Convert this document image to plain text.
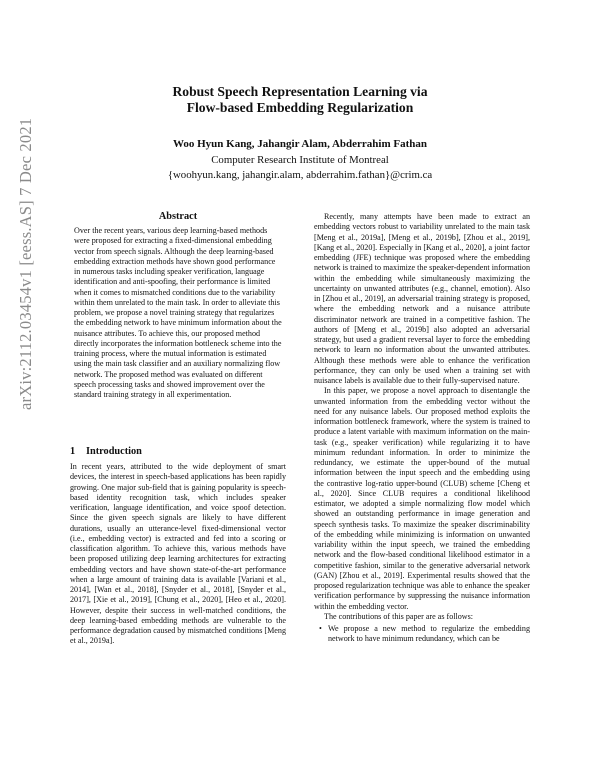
arXiv:2112.03454v1 [eess.AS] 7 Dec 2021
Robust Speech Representation Learning via
Flow-based Embedding Regularization
Woo Hyun Kang, Jahangir Alam, Abderrahim Fathan
Computer Research Institute of Montreal
{woohyun.kang, jahangir.alam, abderrahim.fathan}@crim.ca
Abstract

Over the recent years, various deep learning-based methods were proposed for extracting a fixed-dimensional embedding vector from speech signals. Although the deep learning-based embedding extraction methods have shown good performance in numerous tasks including speaker verification, language identification and anti-spoofing, their performance is limited when it comes to mismatched conditions due to the variability within them unrelated to the main task. In order to alleviate this problem, we propose a novel training strategy that regularizes the embedding network to have minimum information about the nuisance attributes. To achieve this, our proposed method directly incorporates the information bottleneck scheme into the training process, where the mutual information is estimated using the main task classifier and an auxiliary normalizing flow network. The proposed method was evaluated on different speech processing tasks and showed improvement over the standard training strategy in all experimentation.

1 Introduction

In recent years, attributed to the wide deployment of smart devices, the interest in speech-based applications has been rapidly growing. One major sub-field that is gaining popularity is speech-based identity recognition task, which includes speaker verification, language identification, and voice spoof detection. Since the given speech signals are likely to have different durations, usually an utterance-level fixed-dimensional vector (i.e., embedding vector) is extracted and fed into a scoring or classification algorithm. To achieve this, various methods have been proposed utilizing deep learning architectures for extracting embedding vectors and have shown state-of-the-art performance when a large amount of training data is available [Variani et al., 2014], [Wan et al., 2018], [Snyder et al., 2018], [Snyder et al., 2017], [Xie et al., 2019], [Chung et al., 2020], [Heo et al., 2020]. However, despite their success in well-matched conditions, the deep learning-based embedding methods are vulnerable to the performance degradation caused by mismatched conditions [Meng et al., 2019a].

Recently, many attempts have been made to extract an embedding vectors robust to variability unrelated to the main task [Meng et al., 2019a], [Meng et al., 2019b], [Zhou et al., 2019], [Kang et al., 2020]. Especially in [Kang et al., 2020], a joint factor embedding (JFE) technique was proposed where the embedding network is trained to maximize the speaker-dependent information within the embedding while simultaneously maximizing the uncertainty on unwanted attributes (e.g., channel, emotion). Also in [Zhou et al., 2019], an adversarial training strategy is proposed, where the embedding network and a nuisance attribute discriminator network are trained in a competitive fashion. The authors of [Meng et al., 2019b] also adopted an adversarial strategy, but used a gradient reversal layer to force the embedding network to learn no information about the unwanted attributes. Although these methods were able to enhance the verification performance, they can only be used when a training set with nuisance labels is available due to their fully-supervised nature.

In this paper, we propose a novel approach to disentangle the unwanted information from the embedding vector without the need for any nuisance labels. Our proposed method exploits the information bottleneck framework, where the system is trained to produce a latent variable with maximum information on the main-task (e.g., speaker verification) while regularizing it to have minimum redundant information. In order to minimize the redundancy, we estimate the upper-bound of the mutual information between the input speech and the embedding using the contrastive log-ratio upper-bound (CLUB) scheme [Cheng et al., 2020]. Since CLUB requires a conditional likelihood estimator, we adopted a simple normalizing flow model which showed an outstanding performance in image generation and speech synthesis tasks. To maximize the speaker discriminability of the embedding while minimizing is information on unwanted variability within the input speech, we trained the embedding network and the flow-based conditional likelihood estimator in a competitive fashion, similar to the generative adversarial network (GAN) [Zhou et al., 2019]. Experimental results showed that the proposed regularization technique was able to enhance the speaker verification performance by suppressing the nuisance information within the embedding vector.

The contributions of this paper are as follows:

• We propose a new method to regularize the embedding network to have minimum redundancy, which can be
